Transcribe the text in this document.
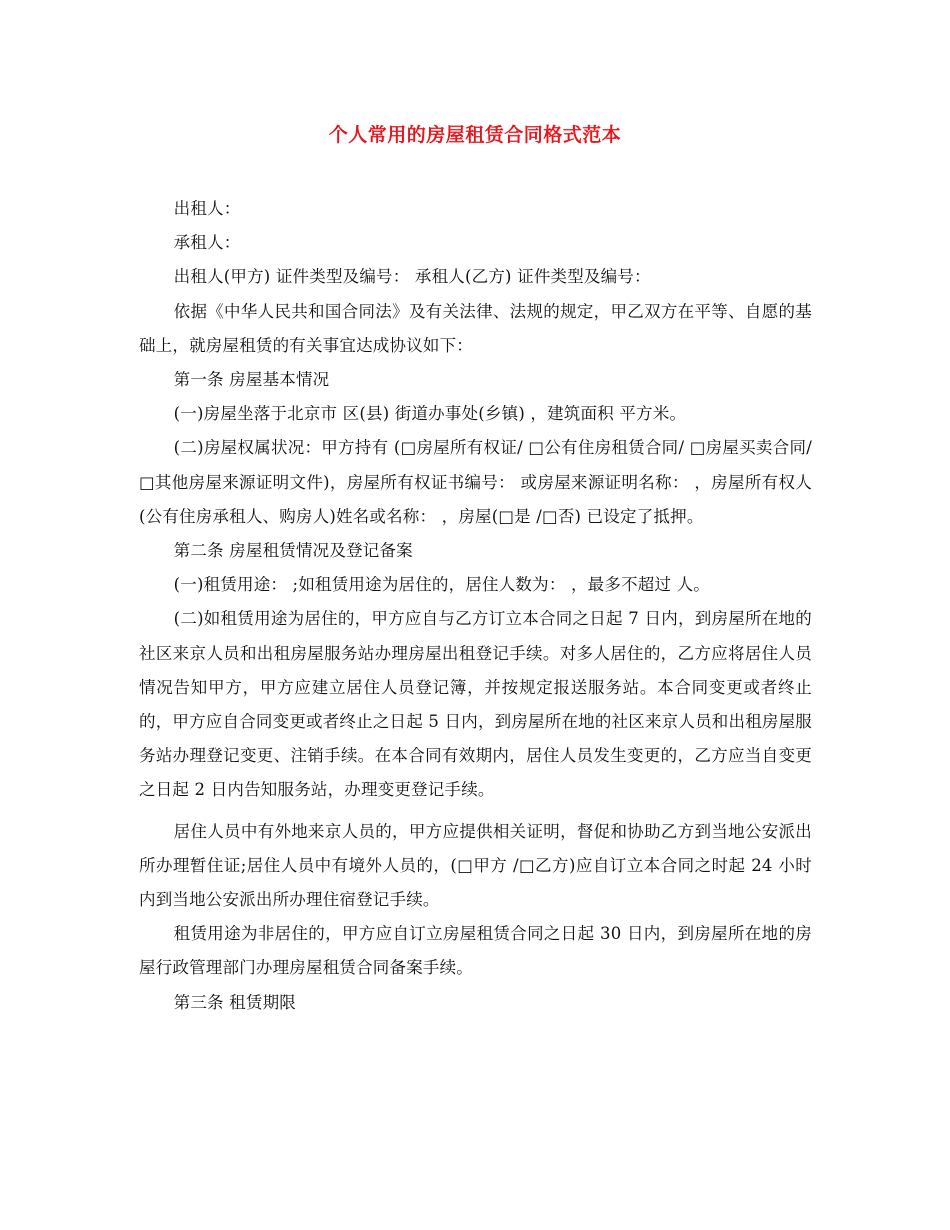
个人常用的房屋租赁合同格式范本

出租人：

承租人：

出租人(甲方) 证件类型及编号： 承租人(乙方) 证件类型及编号：

依据《中华人民共和国合同法》及有关法律、法规的规定，甲乙双方在平等、自愿的基础上，就房屋租赁的有关事宜达成协议如下：

第一条 房屋基本情况

(一)房屋坐落于北京市 区(县) 街道办事处(乡镇) ，建筑面积 平方米。

(二)房屋权属状况：甲方持有 (□房屋所有权证/ □公有住房租赁合同/ □房屋买卖合同/ □其他房屋来源证明文件)，房屋所有权证书编号： 或房屋来源证明名称： ，房屋所有权人(公有住房承租人、购房人)姓名或名称： ，房屋(□是 /□否) 已设定了抵押。

第二条 房屋租赁情况及登记备案

(一)租赁用途： ;如租赁用途为居住的，居住人数为： ，最多不超过 人。

(二)如租赁用途为居住的，甲方应自与乙方订立本合同之日起 7 日内，到房屋所在地的社区来京人员和出租房屋服务站办理房屋出租登记手续。对多人居住的，乙方应将居住人员情况告知甲方，甲方应建立居住人员登记簿，并按规定报送服务站。本合同变更或者终止的，甲方应自合同变更或者终止之日起 5 日内，到房屋所在地的社区来京人员和出租房屋服务站办理登记变更、注销手续。在本合同有效期内，居住人员发生变更的，乙方应当自变更之日起 2 日内告知服务站，办理变更登记手续。

居住人员中有外地来京人员的，甲方应提供相关证明，督促和协助乙方到当地公安派出所办理暂住证;居住人员中有境外人员的，(□甲方 /□乙方)应自订立本合同之时起 24 小时内到当地公安派出所办理住宿登记手续。

租赁用途为非居住的，甲方应自订立房屋租赁合同之日起 30 日内，到房屋所在地的房屋行政管理部门办理房屋租赁合同备案手续。

第三条 租赁期限
